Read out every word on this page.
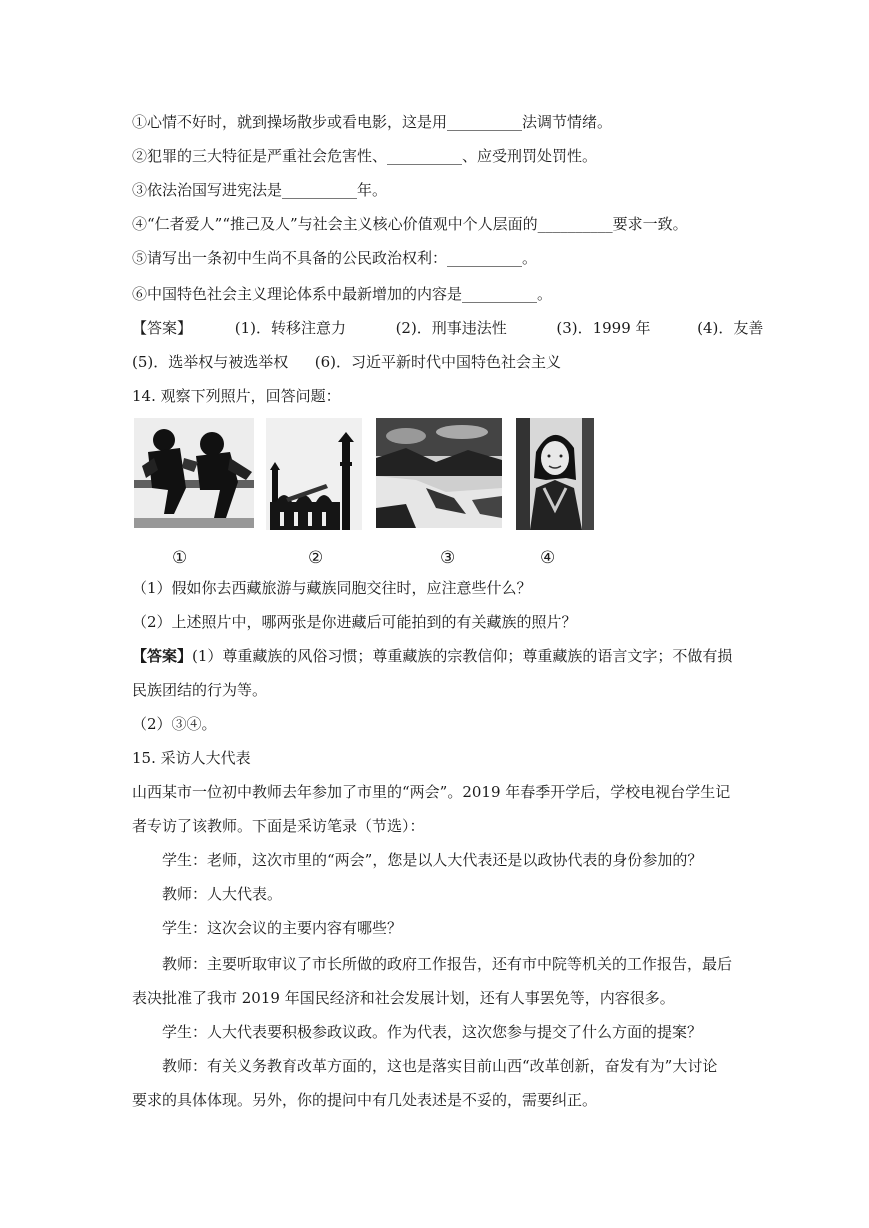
①心情不好时，就到操场散步或看电影，这是用__________法调节情绪。
②犯罪的三大特征是严重社会危害性、__________、应受刑罚处罚性。
③依法治国写进宪法是__________年。
④“仁者爱人”“推己及人”与社会主义核心价值观中个人层面的__________要求一致。
⑤请写出一条初中生尚不具备的公民政治权利：__________。
⑥中国特色社会主义理论体系中最新增加的内容是__________。
【答案】	(1)．转移注意力	(2)．刑事违法性	(3)．1999 年	(4)．友善
(5)．选举权与被选举权 (6)．习近平新时代中国特色社会主义
14. 观察下列照片，回答问题：
①	②	③	④
（1）假如你去西藏旅游与藏族同胞交往时，应注意些什么？
（2）上述照片中，哪两张是你进藏后可能拍到的有关藏族的照片？
【答案】(1）尊重藏族的风俗习惯；尊重藏族的宗教信仰；尊重藏族的语言文字；不做有损
民族团结的行为等。
（2）③④。
15. 采访人大代表
山西某市一位初中教师去年参加了市里的“两会”。2019 年春季开学后，学校电视台学生记
者专访了该教师。下面是采访笔录（节选）：
学生：老师，这次市里的“两会”，您是以人大代表还是以政协代表的身份参加的？
教师：人大代表。
学生：这次会议的主要内容有哪些？
教师：主要听取审议了市长所做的政府工作报告，还有市中院等机关的工作报告，最后
表决批准了我市 2019 年国民经济和社会发展计划，还有人事罢免等，内容很多。
学生：人大代表要积极参政议政。作为代表，这次您参与提交了什么方面的提案？
教师：有关义务教育改革方面的，这也是落实目前山西“改革创新，奋发有为”大讨论
要求的具体体现。另外，你的提问中有几处表述是不妥的，需要纠正。
